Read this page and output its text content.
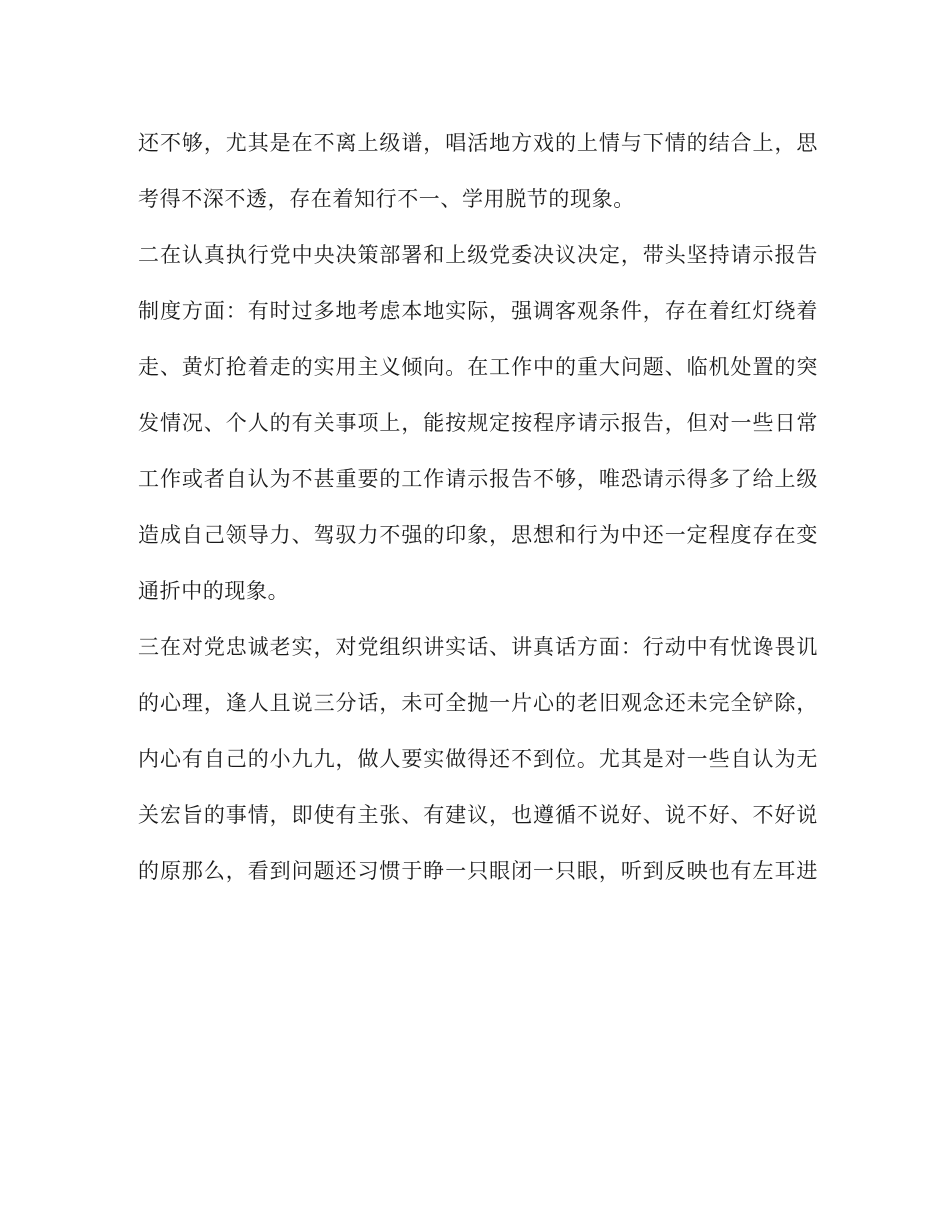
还不够，尤其是在不离上级谱，唱活地方戏的上情与下情的结合上，思
考得不深不透，存在着知行不一、学用脱节的现象。
二在认真执行党中央决策部署和上级党委决议决定，带头坚持请示报告
制度方面：有时过多地考虑本地实际，强调客观条件，存在着红灯绕着
走、黄灯抢着走的实用主义倾向。在工作中的重大问题、临机处置的突
发情况、个人的有关事项上，能按规定按程序请示报告，但对一些日常
工作或者自认为不甚重要的工作请示报告不够，唯恐请示得多了给上级
造成自己领导力、驾驭力不强的印象，思想和行为中还一定程度存在变
通折中的现象。
三在对党忠诚老实，对党组织讲实话、讲真话方面：行动中有忧谗畏讥
的心理，逢人且说三分话，未可全抛一片心的老旧观念还未完全铲除，
内心有自己的小九九，做人要实做得还不到位。尤其是对一些自认为无
关宏旨的事情，即使有主张、有建议，也遵循不说好、说不好、不好说
的原那么，看到问题还习惯于睁一只眼闭一只眼，听到反映也有左耳进
